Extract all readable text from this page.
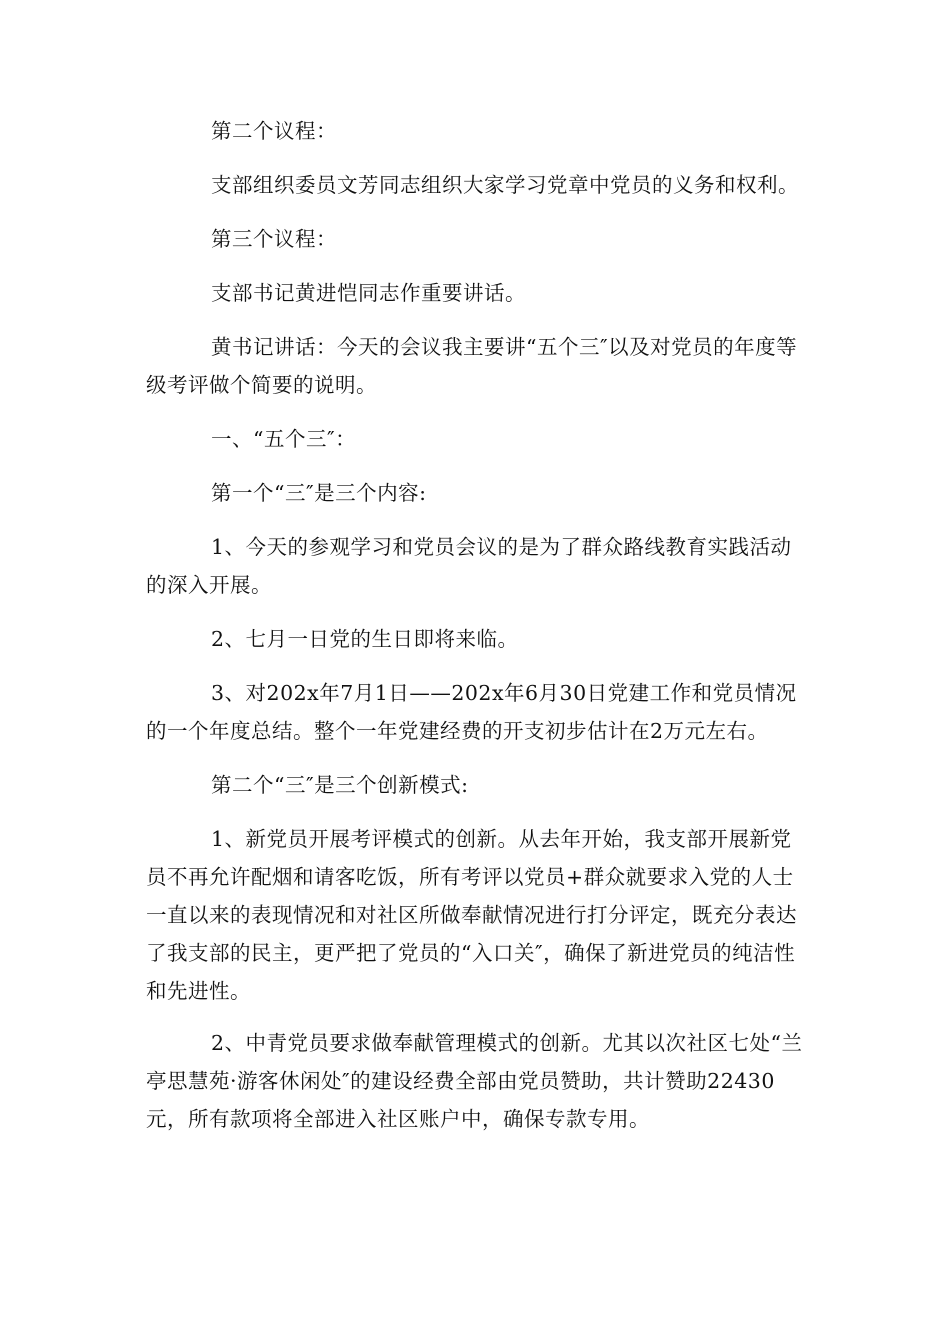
第二个议程：

支部组织委员文芳同志组织大家学习党章中党员的义务和权利。

第三个议程：

支部书记黄进恺同志作重要讲话。

黄书记讲话：今天的会议我主要讲“五个三″以及对党员的年度等级考评做个简要的说明。

一、“五个三″：

第一个“三″是三个内容:

1、今天的参观学习和党员会议的是为了群众路线教育实践活动的深入开展。

2、七月一日党的生日即将来临。

3、对202x年7月1日——202x年6月30日党建工作和党员情况的一个年度总结。整个一年党建经费的开支初步估计在2万元左右。

第二个“三″是三个创新模式:

1、新党员开展考评模式的创新。从去年开始，我支部开展新党员不再允许配烟和请客吃饭，所有考评以党员+群众就要求入党的人士一直以来的表现情况和对社区所做奉献情况进行打分评定，既充分表达了我支部的民主，更严把了党员的“入口关″，确保了新进党员的纯洁性和先进性。

2、中青党员要求做奉献管理模式的创新。尤其以次社区七处“兰亭思慧苑·游客休闲处″的建设经费全部由党员赞助，共计赞助22430元，所有款项将全部进入社区账户中，确保专款专用。
